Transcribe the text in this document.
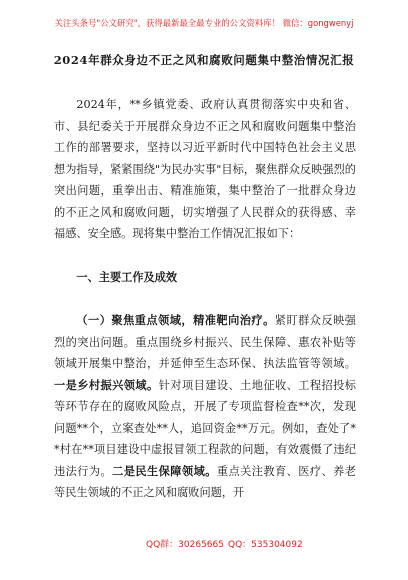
关注头条号"公文研究"，获得最新最全最专业的公文资料库！ 微信：gongwenyj
2024年群众身边不正之风和腐败问题集中整治情况汇报

2024年，**乡镇党委、政府认真贯彻落实中央和省、市、县纪委关于开展群众身边不正之风和腐败问题集中整治工作的部署要求，坚持以习近平新时代中国特色社会主义思想为指导，紧紧围绕"为民办实事"目标，聚焦群众反映强烈的突出问题，重拳出击、精准施策，集中整治了一批群众身边的不正之风和腐败问题，切实增强了人民群众的获得感、幸福感、安全感。现将集中整治工作情况汇报如下：

一、主要工作及成效

（一）聚焦重点领域，精准靶向治疗。紧盯群众反映强烈的突出问题。重点围绕乡村振兴、民生保障、惠农补贴等领域开展集中整治，并延伸至生态环保、执法监管等领域。一是乡村振兴领域。针对项目建设、土地征收、工程招投标等环节存在的腐败风险点，开展了专项监督检查**次，发现问题**个，立案查处**人，追回资金**万元。例如，查处了**村在**项目建设中虚报冒领工程款的问题，有效震慑了违纪违法行为。二是民生保障领域。重点关注教育、医疗、养老等民生领域的不正之风和腐败问题，开

QQ群：30265665 QQ：535304092
